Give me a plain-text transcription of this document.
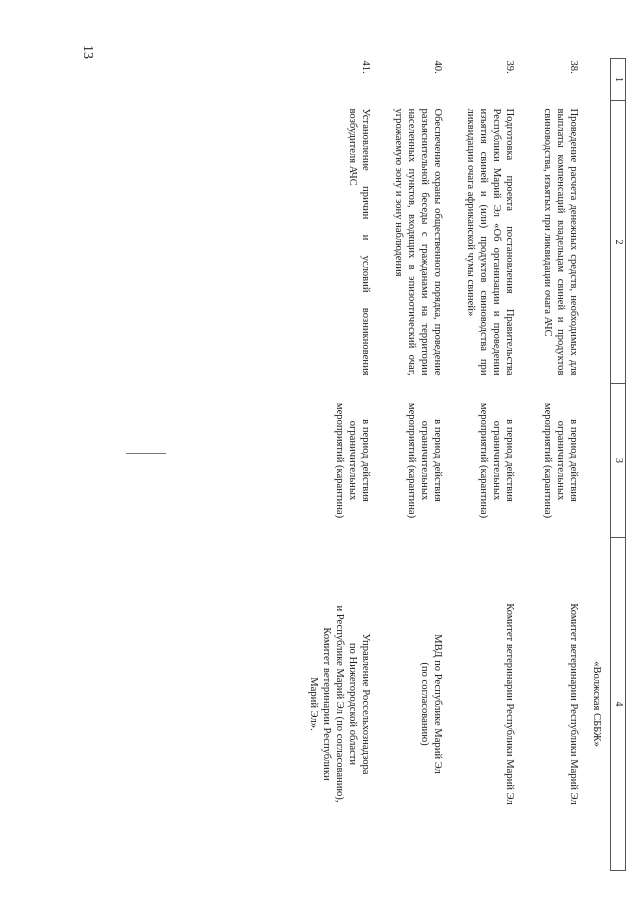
13
1	2	3	4
			«Волжская СББЖ»
38.	Проведение расчета денежных средств, необходимых для выплаты компенсаций владельцам свиней и продуктов свиноводства, изъятых при ликвидации очага АЧС	в период действия
ограничительных
мероприятий (карантина)	Комитет ветеринарии Республики Марий Эл

39.	Подготовка проекта постановления Правительства Республики Марий Эл «Об организации и проведении изъятия свиней и (или) продуктов свиноводства при ликвидации очага африканской чумы свиней»	в период действия
ограничительных
мероприятий (карантина)	Комитет ветеринарии Республики Марий Эл

40.	Обеспечение охраны общественного порядка, проведение разъяснительной беседы с гражданами на территории населенных пунктов, входящих в эпизоотический очаг, угрожаемую зону и зону наблюдения	в период действия
ограничительных
мероприятий (карантина)	МВД по Республике Марий Эл
(по согласованию)

41.	Установление причин и условий возникновения возбудителя АЧС	в период действия
ограничительных
мероприятий (карантина)	Управление Россельхознадзора
по Нижегородской области
и Республике Марий Эл (по согласованию),
Комитет ветеринарии Республики
Марий Эл».
